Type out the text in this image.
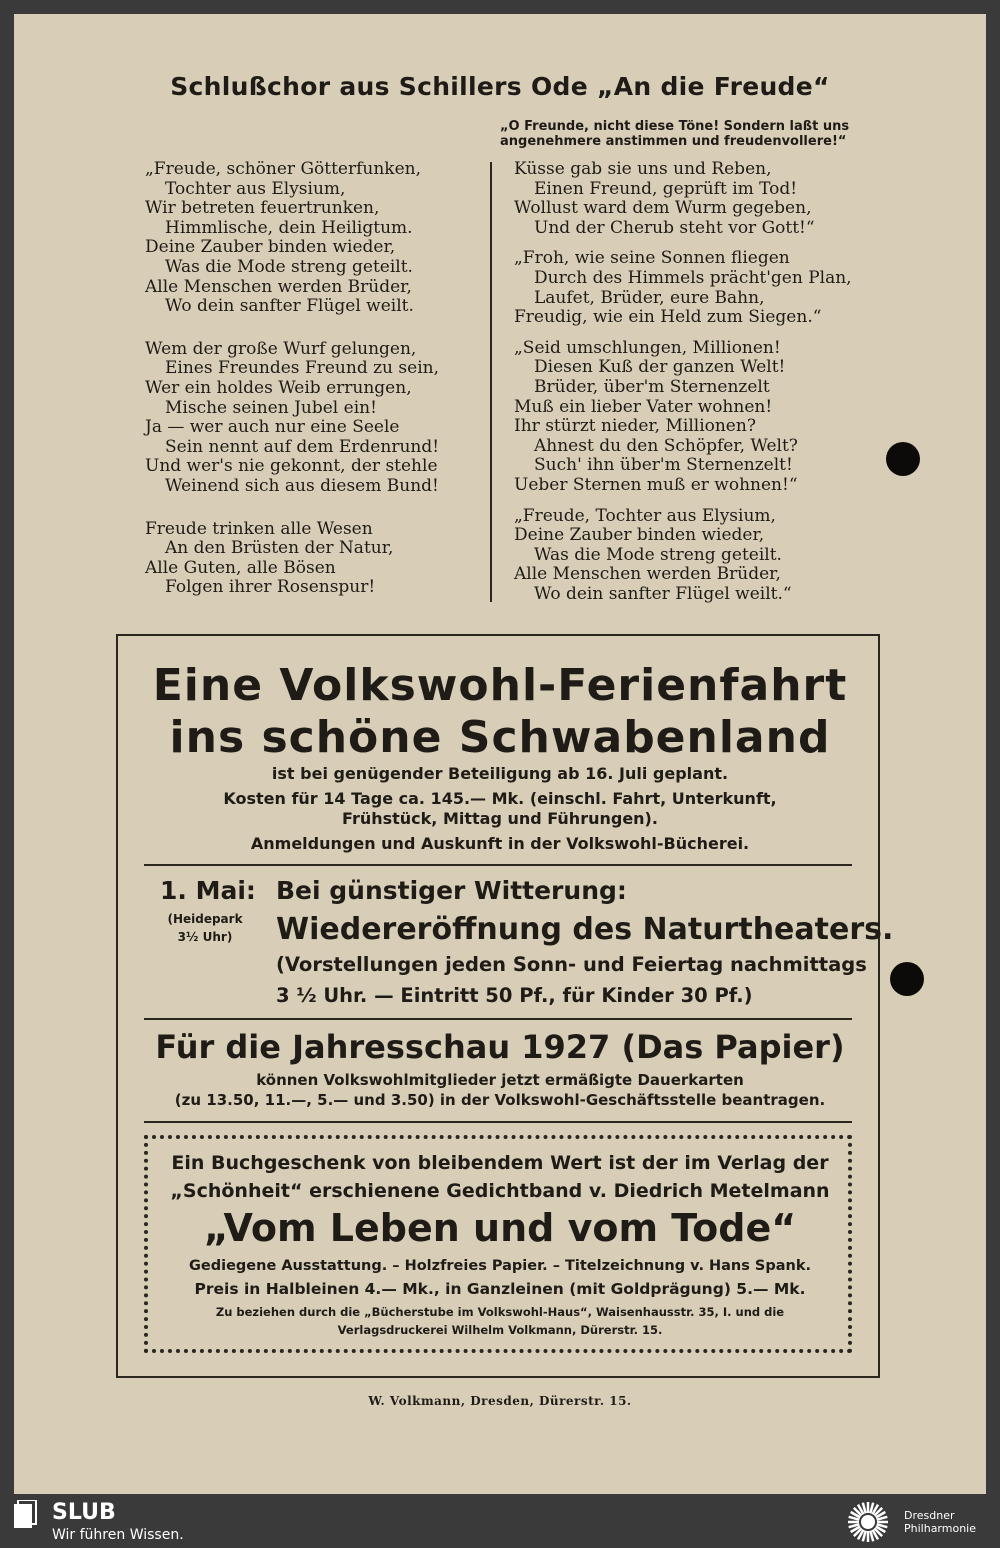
Schlußchor aus Schillers Ode „An die Freude“
„O Freunde, nicht diese Töne! Sondern laßt uns
angenehmere anstimmen und freudenvollere!“
„Freude, schöner Götterfunken,
Tochter aus Elysium,
Wir betreten feuertrunken,
Himmlische, dein Heiligtum.
Deine Zauber binden wieder,
Was die Mode streng geteilt.
Alle Menschen werden Brüder,
Wo dein sanfter Flügel weilt.
Wem der große Wurf gelungen,
Eines Freundes Freund zu sein,
Wer ein holdes Weib errungen,
Mische seinen Jubel ein!
Ja — wer auch nur eine Seele
Sein nennt auf dem Erdenrund!
Und wer's nie gekonnt, der stehle
Weinend sich aus diesem Bund!
Freude trinken alle Wesen
An den Brüsten der Natur,
Alle Guten, alle Bösen
Folgen ihrer Rosenspur!
Küsse gab sie uns und Reben,
Einen Freund, geprüft im Tod!
Wollust ward dem Wurm gegeben,
Und der Cherub steht vor Gott!“
„Froh, wie seine Sonnen fliegen
Durch des Himmels prächt'gen Plan,
Laufet, Brüder, eure Bahn,
Freudig, wie ein Held zum Siegen.“
„Seid umschlungen, Millionen!
Diesen Kuß der ganzen Welt!
Brüder, über'm Sternenzelt
Muß ein lieber Vater wohnen!
Ihr stürzt nieder, Millionen?
Ahnest du den Schöpfer, Welt?
Such' ihn über'm Sternenzelt!
Ueber Sternen muß er wohnen!“
„Freude, Tochter aus Elysium,
Deine Zauber binden wieder,
Was die Mode streng geteilt.
Alle Menschen werden Brüder,
Wo dein sanfter Flügel weilt.“
Eine Volkswohl-Ferienfahrt
ins schöne Schwabenland
ist bei genügender Beteiligung ab 16. Juli geplant.
Kosten für 14 Tage ca. 145.— Mk. (einschl. Fahrt, Unterkunft,
Frühstück, Mittag und Führungen).
Anmeldungen und Auskunft in der Volkswohl-Bücherei.
1. Mai:
(Heidepark
3½ Uhr)
Bei günstiger Witterung:
Wiedereröffnung des Naturtheaters.
(Vorstellungen jeden Sonn- und Feiertag nachmittags
3 ½ Uhr. — Eintritt 50 Pf., für Kinder 30 Pf.)
Für die Jahresschau 1927 (Das Papier)
können Volkswohlmitglieder jetzt ermäßigte Dauerkarten
(zu 13.50, 11.—, 5.— und 3.50) in der Volkswohl-Geschäftsstelle beantragen.
Ein Buchgeschenk von bleibendem Wert ist der im Verlag der
„Schönheit“ erschienene Gedichtband v. Diedrich Metelmann
„Vom Leben und vom Tode“
Gediegene Ausstattung. – Holzfreies Papier. – Titelzeichnung v. Hans Spank.
Preis in Halbleinen 4.— Mk., in Ganzleinen (mit Goldprägung) 5.— Mk.
Zu beziehen durch die „Bücherstube im Volkswohl-Haus“, Waisenhausstr. 35, I. und die
Verlagsdruckerei Wilhelm Volkmann, Dürerstr. 15.
W. Volkmann, Dresden, Dürerstr. 15.
SLUB
Wir führen Wissen.
Dresdner
Philharmonie
